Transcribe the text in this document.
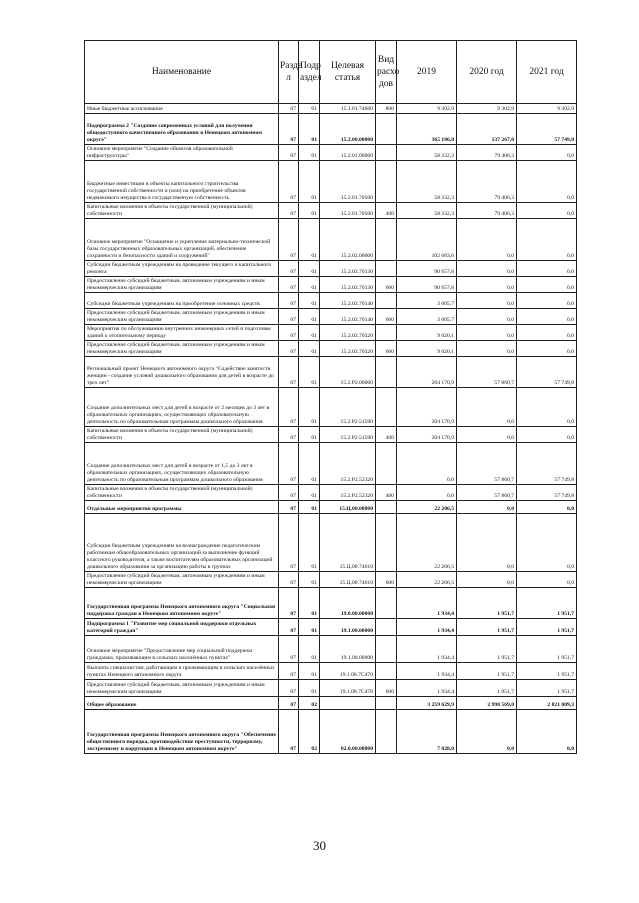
Наименование	Разде л	Подр аздел	Целевая статья	Вид расхо дов	2019	2020 год	2021 год
Иные бюджетные ассигнования	07	01	15.1.01.74660	800	9 302,9	9 302,9	9 302,9
Подпрограмма 2 "Создание современных условий для получения общедоступного качественного образования в Ненецком автономном округе"	07	01	15.2.00.00000		365 186,8	137 267,0	57 749,8
Основное мероприятие "Создание объектов образовательной инфраструктуры"	07	01	15.2.01.00000		58 332,3	79 406,3	0,0
Бюджетные инвестиции в объекты капитального строительства государственной собственности и (или) на приобретение объектов недвижимого имущества в государственную собственность	07	01	15.2.01.70500		58 332,3	79 406,3	0,0
Капитальные вложения в объекты государственной (муниципальной) собственности	07	01	15.2.01.70500	400	58 332,3	79 406,3	0,0
Основное мероприятие "Оснащение и укрепление материально-технической базы государственных образовательных организаций, обеспечение сохранности и безопасности зданий и сооружений"	07	01	15.2.02.00000		102 683,6	0,0	0,0
Субсидии бюджетным учреждениям на проведение текущего и капитального ремонта	07	01	15.2.02.70130		90 657,8	0,0	0,0
Предоставление субсидий бюджетным, автономным учреждениям и иным некоммерческим организациям	07	01	15.2.02.70130	600	90 657,8	0,0	0,0
Субсидии бюджетным учреждениям на приобретение основных средств	07	01	15.2.02.70140		3 005,7	0,0	0,0
Предоставление субсидий бюджетным, автономным учреждениям и иным некоммерческим организациям	07	01	15.2.02.70140	600	3 005,7	0,0	0,0
Мероприятия по обслуживанию внутренних инженерных сетей и подготовке зданий к отопительному периоду	07	01	15.2.02.70320		9 020,1	0,0	0,0
Предоставление субсидий бюджетным, автономным учреждениям и иным некоммерческим организациям	07	01	15.2.02.70320	600	9 020,1	0,0	0,0
Региональный проект Ненецкого автономного округа "Содействие занятости женщин - создание условий дошкольного образования для детей в возрасте до трех лет"	07	01	15.2.P2.00000		204 170,9	57 860,7	57 749,8
Создание дополнительных мест для детей в возрасте от 2 месяцев до 3 лет в образовательных организациях, осуществляющих образовательную деятельность по образовательным программам дошкольного образования	07	01	15.2.P2.51590		204 170,9	0,0	0,0
Капитальные вложения в объекты государственной (муниципальной) собственности	07	01	15.2.P2.51590	400	204 170,9	0,0	0,0
Создание дополнительных мест для детей в возрасте от 1,5 до 3 лет в образовательных организациях, осуществляющих образовательную деятельность по образовательным программам дошкольного образования	07	01	15.2.P2.52320		0,0	57 860,7	57 749,8
Капитальные вложения в объекты государственной (муниципальной) собственности	07	01	15.2.P2.52320	400	0,0	57 860,7	57 749,8
Отдельные мероприятия программы	07	01	15.Ц.00.00000		22 206,5	0,0	0,0
Субсидии бюджетным учреждениям на вознаграждение педагогическим работникам общеобразовательных организаций за выполнение функций классного руководителя, а также воспитателям образовательных организаций дошкольного образования за организацию работы в группах	07	01	15.Ц.00.74610		22 206,5	0,0	0,0
Предоставление субсидий бюджетным, автономным учреждениям и иным некоммерческим организациям	07	01	15.Ц.00.74610	600	22 206,5	0,0	0,0
Государственная программа Ненецкого автономного округа "Социальная поддержка граждан в Ненецком автономном округе"	07	01	19.0.00.00000		1 934,4	1 951,7	1 951,7
Подпрограмма 1 "Развитие мер социальной поддержки отдельных категорий граждан"	07	01	19.1.00.00000		1 934,4	1 951,7	1 951,7
Основное мероприятие "Предоставление мер социальной поддержки гражданам, проживающим в сельских населённых пунктах"	07	01	19.1.08.00000		1 934,4	1 951,7	1 951,7
Выплаты специалистам, работающим и проживающим в сельских населённых пунктах Ненецкого автономного округа	07	01	19.1.08.7С470		1 934,4	1 951,7	1 951,7
Предоставление субсидий бюджетным, автономным учреждениям и иным некоммерческим организациям	07	01	19.1.08.7С470	600	1 934,4	1 951,7	1 951,7
Общее образование	07	02			3 259 629,9	2 998 569,0	2 821 009,3
Государственная программа Ненецкого автономного округа "Обеспечение общественного порядка, противодействие преступности, терроризму, экстремизму и коррупции в Ненецком автономном округе"	07	02	02.0.00.00000		7 028,0	0,0	0,0
30
